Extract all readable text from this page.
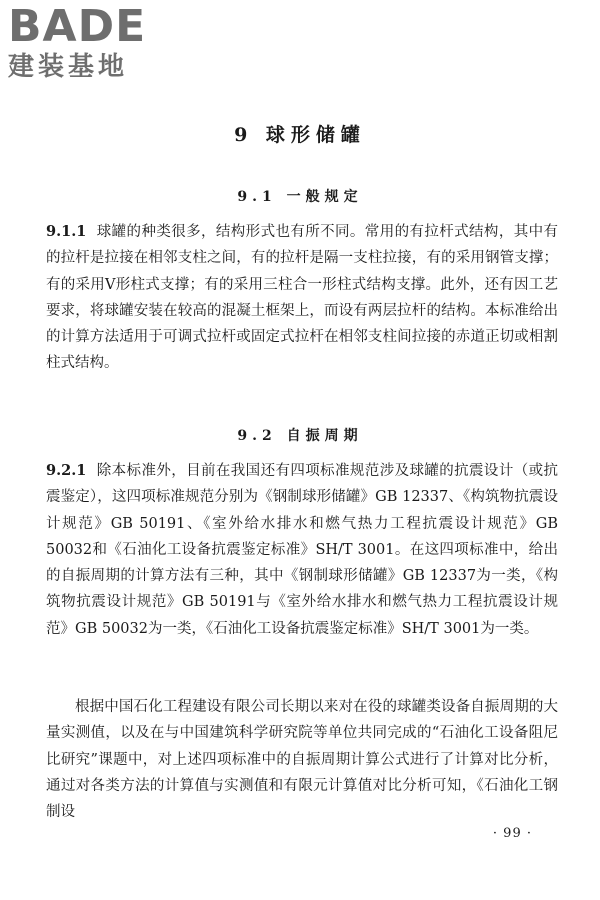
BADE
建装基地
9 球形储罐
9.1 一般规定

9.1.1 球罐的种类很多，结构形式也有所不同。常用的有拉杆式结构，其中有的拉杆是拉接在相邻支柱之间，有的拉杆是隔一支柱拉接，有的采用钢管支撑；有的采用V形柱式支撑；有的采用三柱合一形柱式结构支撑。此外，还有因工艺要求，将球罐安装在较高的混凝土框架上，而设有两层拉杆的结构。本标准给出的计算方法适用于可调式拉杆或固定式拉杆在相邻支柱间拉接的赤道正切或相割柱式结构。

9.2 自振周期

9.2.1 除本标准外，目前在我国还有四项标准规范涉及球罐的抗震设计（或抗震鉴定），这四项标准规范分别为《钢制球形储罐》GB 12337、《构筑物抗震设计规范》GB 50191、《室外给水排水和燃气热力工程抗震设计规范》GB 50032和《石油化工设备抗震鉴定标准》SH/T 3001。在这四项标准中，给出的自振周期的计算方法有三种，其中《钢制球形储罐》GB 12337为一类，《构筑物抗震设计规范》GB 50191与《室外给水排水和燃气热力工程抗震设计规范》GB 50032为一类，《石油化工设备抗震鉴定标准》SH/T 3001为一类。

根据中国石化工程建设有限公司长期以来对在役的球罐类设备自振周期的大量实测值，以及在与中国建筑科学研究院等单位共同完成的“石油化工设备阻尼比研究”课题中，对上述四项标准中的自振周期计算公式进行了计算对比分析，通过对各类方法的计算值与实测值和有限元计算值对比分析可知，《石油化工钢制设

· 99 ·
